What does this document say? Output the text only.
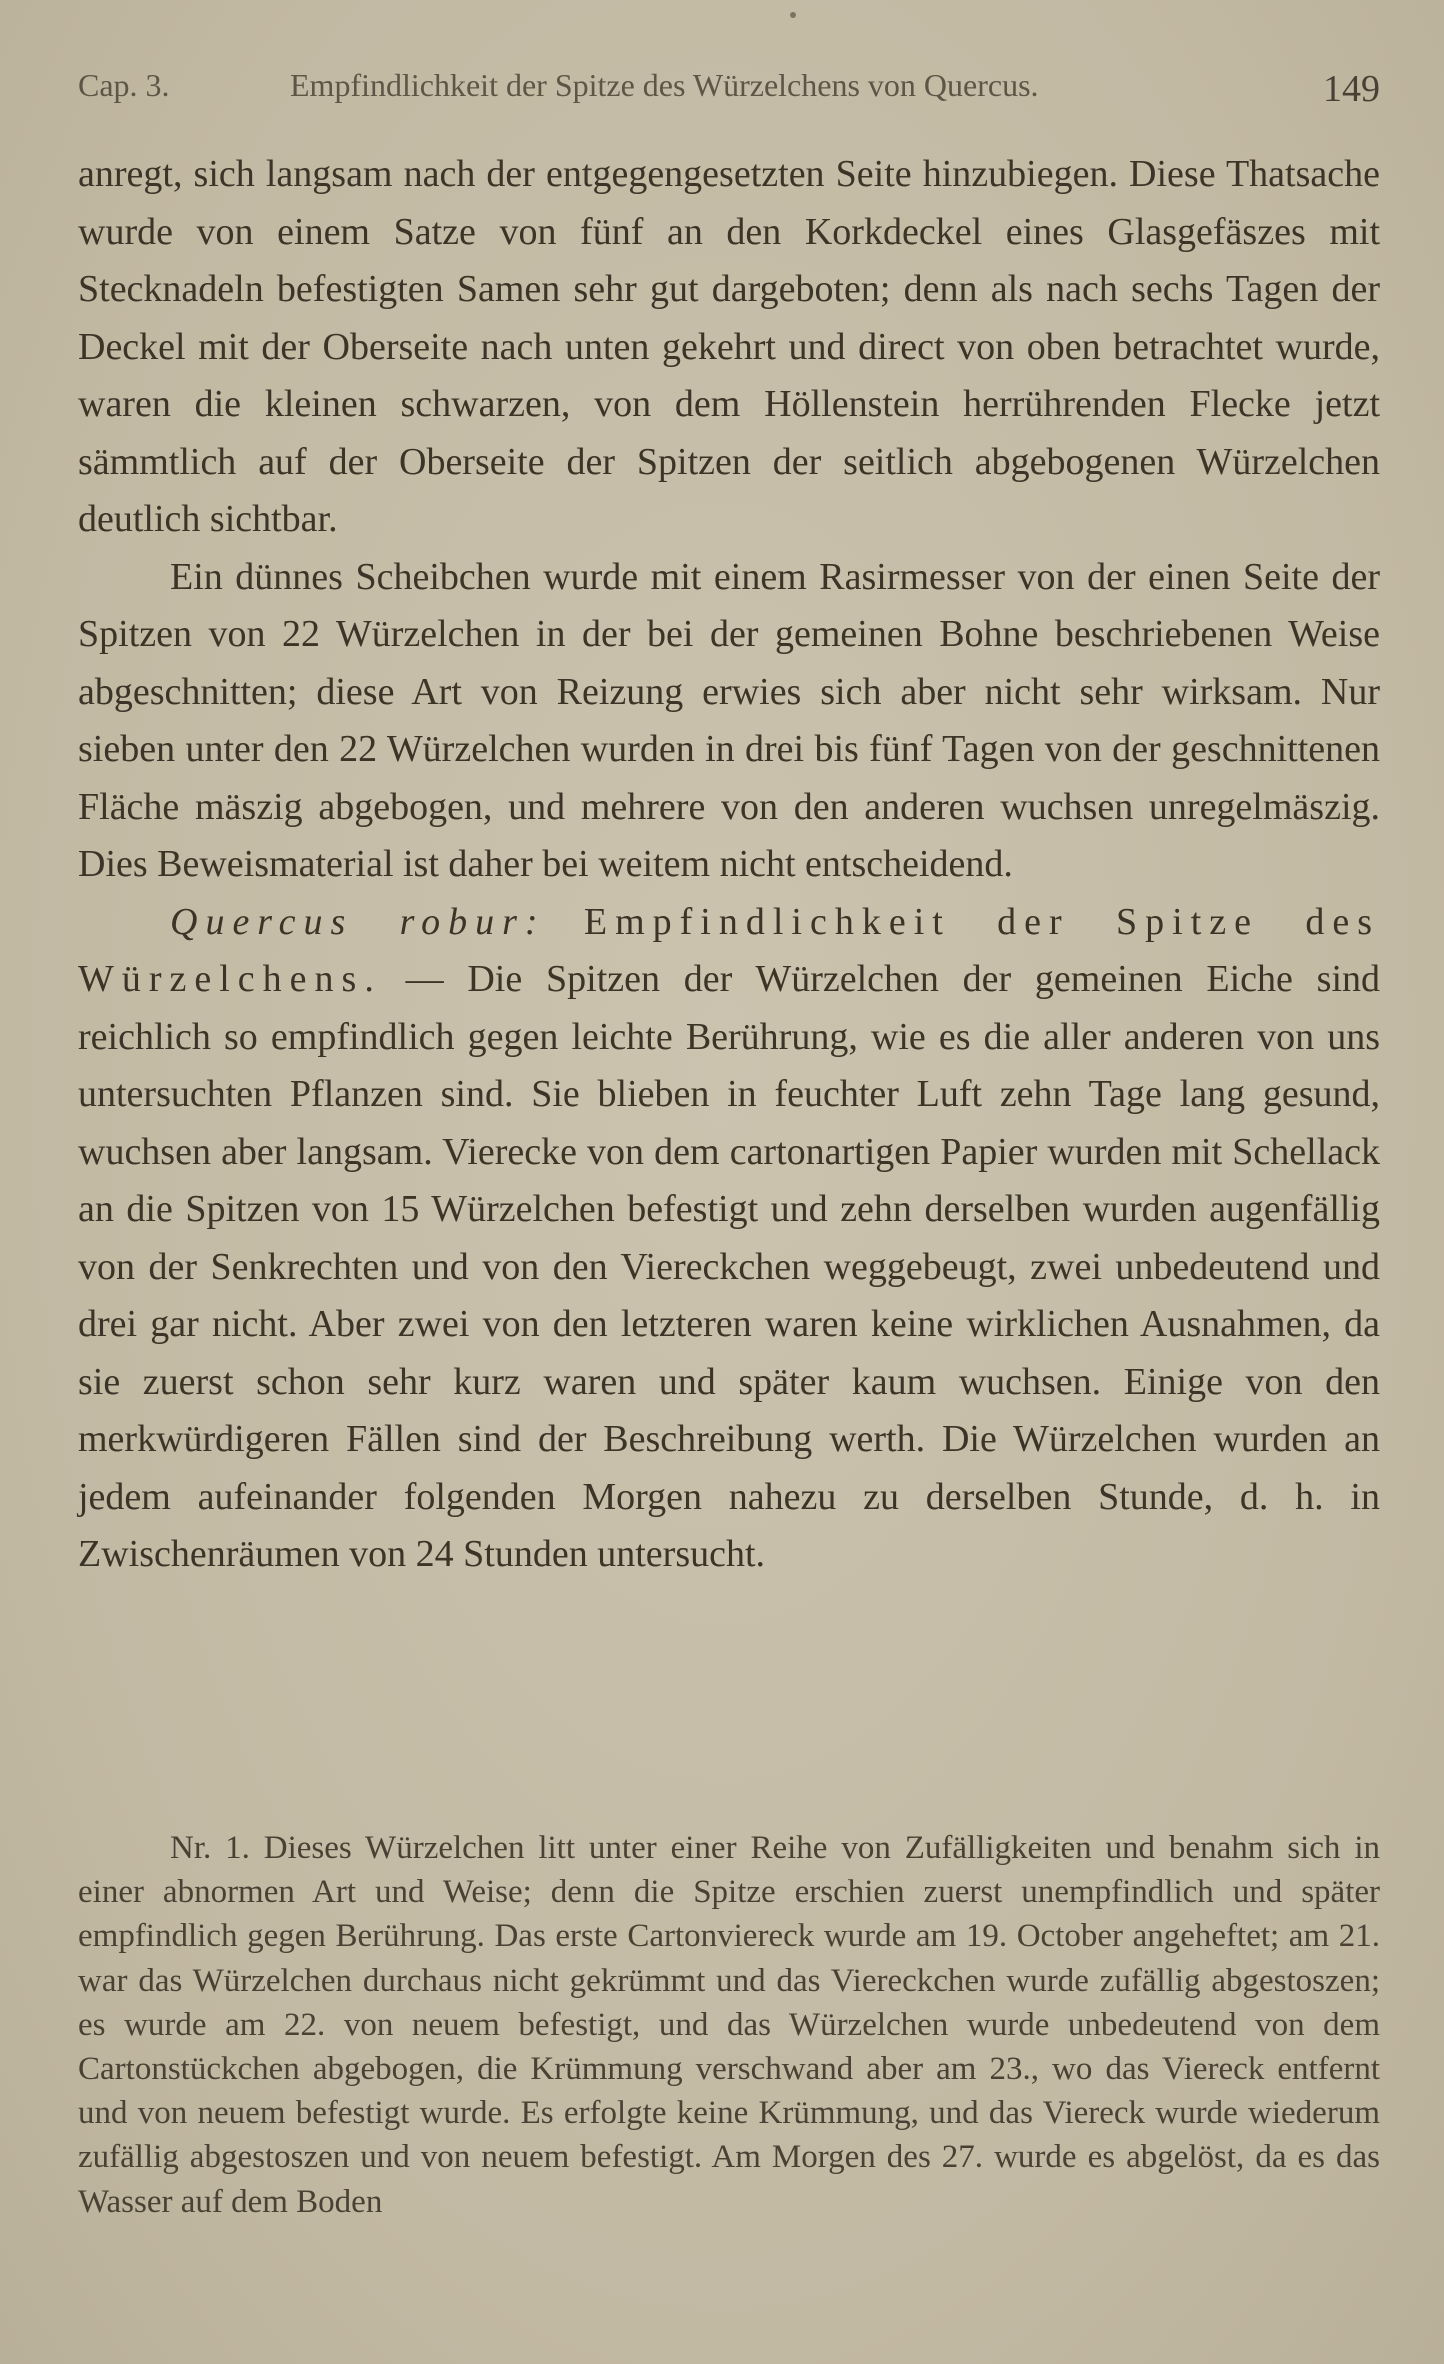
Cap. 3.	Empfindlichkeit der Spitze des Würzelchens von Quercus.	149

anregt, sich langsam nach der entgegengesetzten Seite hinzubiegen. Diese Thatsache wurde von einem Satze von fünf an den Korkdeckel eines Glasgefäszes mit Stecknadeln befestigten Samen sehr gut dargeboten; denn als nach sechs Tagen der Deckel mit der Oberseite nach unten gekehrt und direct von oben betrachtet wurde, waren die kleinen schwarzen, von dem Höllenstein herrührenden Flecke jetzt sämmtlich auf der Oberseite der Spitzen der seitlich abgebogenen Würzelchen deutlich sichtbar.

Ein dünnes Scheibchen wurde mit einem Rasirmesser von der einen Seite der Spitzen von 22 Würzelchen in der bei der gemeinen Bohne beschriebenen Weise abgeschnitten; diese Art von Reizung erwies sich aber nicht sehr wirksam. Nur sieben unter den 22 Würzelchen wurden in drei bis fünf Tagen von der geschnittenen Fläche mäszig abgebogen, und mehrere von den anderen wuchsen unregelmäszig. Dies Beweismaterial ist daher bei weitem nicht entscheidend.

Quercus robur: Empfindlichkeit der Spitze des Würzelchens. — Die Spitzen der Würzelchen der gemeinen Eiche sind reichlich so empfindlich gegen leichte Berührung, wie es die aller anderen von uns untersuchten Pflanzen sind. Sie blieben in feuchter Luft zehn Tage lang gesund, wuchsen aber langsam. Vierecke von dem cartonartigen Papier wurden mit Schellack an die Spitzen von 15 Würzelchen befestigt und zehn derselben wurden augenfällig von der Senkrechten und von den Viereckchen weggebeugt, zwei unbedeutend und drei gar nicht. Aber zwei von den letzteren waren keine wirklichen Ausnahmen, da sie zuerst schon sehr kurz waren und später kaum wuchsen. Einige von den merkwürdigeren Fällen sind der Beschreibung werth. Die Würzelchen wurden an jedem aufeinander folgenden Morgen nahezu zu derselben Stunde, d. h. in Zwischenräumen von 24 Stunden untersucht.

Nr. 1. Dieses Würzelchen litt unter einer Reihe von Zufälligkeiten und benahm sich in einer abnormen Art und Weise; denn die Spitze erschien zuerst unempfindlich und später empfindlich gegen Berührung. Das erste Cartonviereck wurde am 19. October angeheftet; am 21. war das Würzelchen durchaus nicht gekrümmt und das Viereckchen wurde zufällig abgestoszen; es wurde am 22. von neuem befestigt, und das Würzelchen wurde unbedeutend von dem Cartonstückchen abgebogen, die Krümmung verschwand aber am 23., wo das Viereck entfernt und von neuem befestigt wurde. Es erfolgte keine Krümmung, und das Viereck wurde wiederum zufällig abgestoszen und von neuem befestigt. Am Morgen des 27. wurde es abgelöst, da es das Wasser auf dem Boden
